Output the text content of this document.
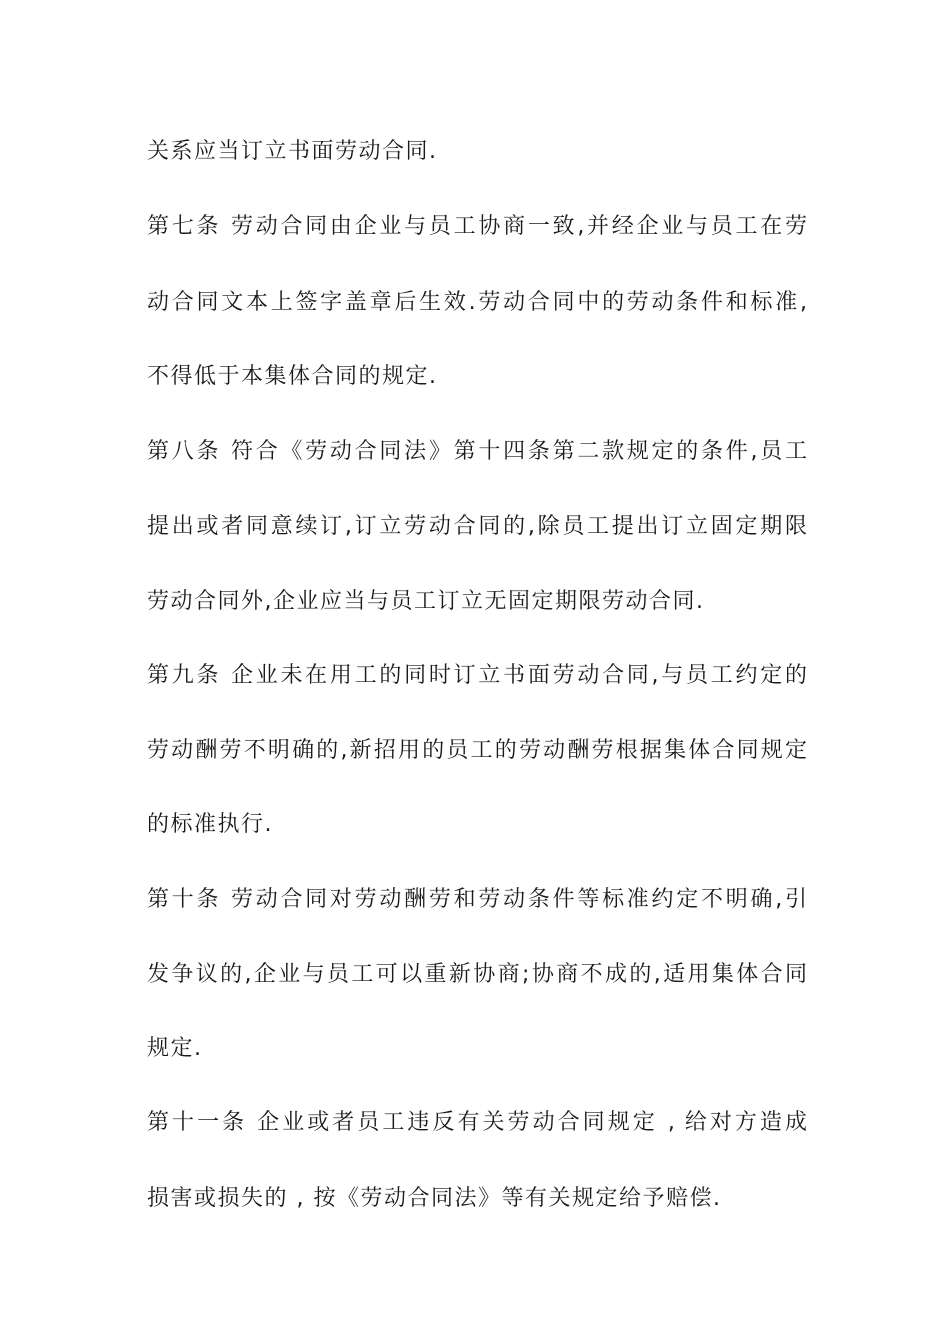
关系应当订立书面劳动合同.
第七条 劳动合同由企业与员工协商一致,并经企业与员工在劳
动合同文本上签字盖章后生效.劳动合同中的劳动条件和标准,
不得低于本集体合同的规定.
第八条 符合《劳动合同法》第十四条第二款规定的条件,员工
提出或者同意续订,订立劳动合同的,除员工提出订立固定期限
劳动合同外,企业应当与员工订立无固定期限劳动合同.
第九条 企业未在用工的同时订立书面劳动合同,与员工约定的
劳动酬劳不明确的,新招用的员工的劳动酬劳根据集体合同规定
的标准执行.
第十条 劳动合同对劳动酬劳和劳动条件等标准约定不明确,引
发争议的,企业与员工可以重新协商;协商不成的,适用集体合同
规定.
第十一条 企业或者员工违反有关劳动合同规定 , 给对方造成
损害或损失的 , 按《劳动合同法》等有关规定给予赔偿.
